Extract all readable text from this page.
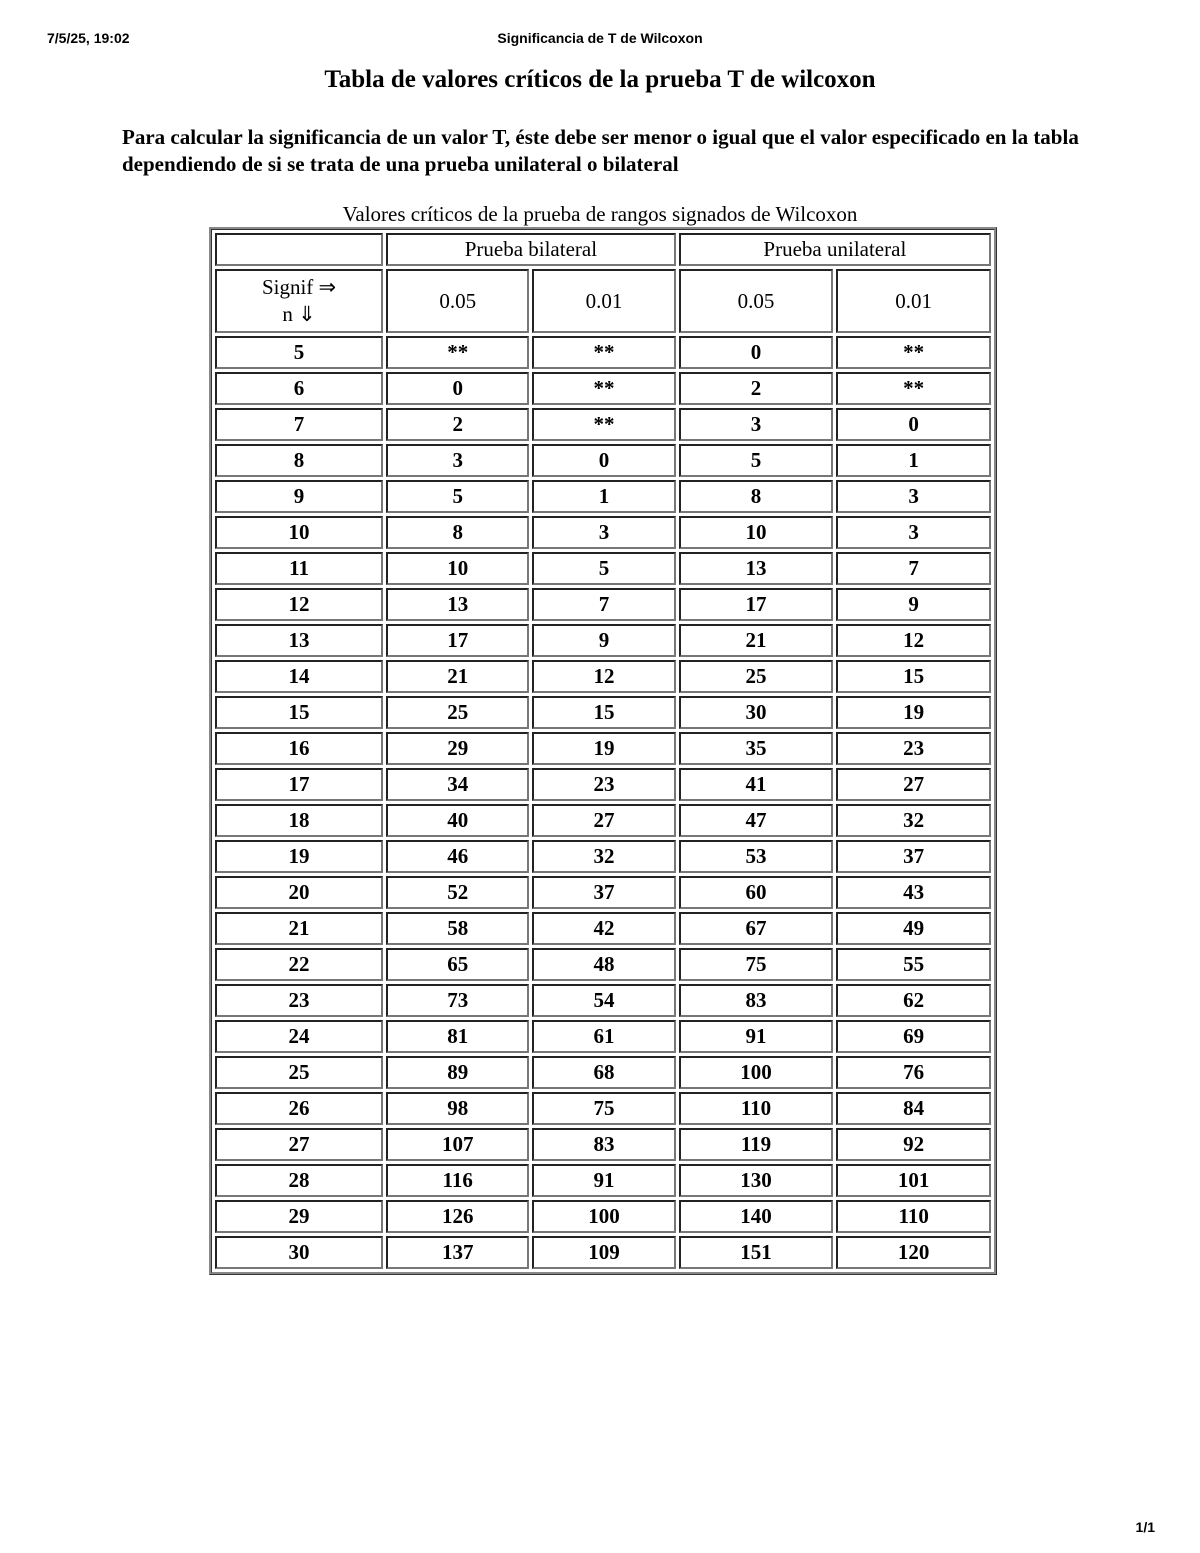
7/5/25, 19:02	Significancia de T de Wilcoxon
Tabla de valores críticos de la prueba T de wilcoxon

Para calcular la significancia de un valor T, éste debe ser menor o igual que el valor especificado en la tabla dependiendo de si se trata de una prueba unilateral o bilateral

Valores críticos de la prueba de rangos signados de Wilcoxon
	Prueba bilateral		Prueba unilateral	
Signif ⇒
n ⇓	0.05	0.01	0.05	0.01
5	**	**	0	**
6	0	**	2	**
7	2	**	3	0
8	3	0	5	1
9	5	1	8	3
10	8	3	10	3
11	10	5	13	7
12	13	7	17	9
13	17	9	21	12
14	21	12	25	15
15	25	15	30	19
16	29	19	35	23
17	34	23	41	27
18	40	27	47	32
19	46	32	53	37
20	52	37	60	43
21	58	42	67	49
22	65	48	75	55
23	73	54	83	62
24	81	61	91	69
25	89	68	100	76
26	98	75	110	84
27	107	83	119	92
28	116	91	130	101
29	126	100	140	110
30	137	109	151	120
1/1
